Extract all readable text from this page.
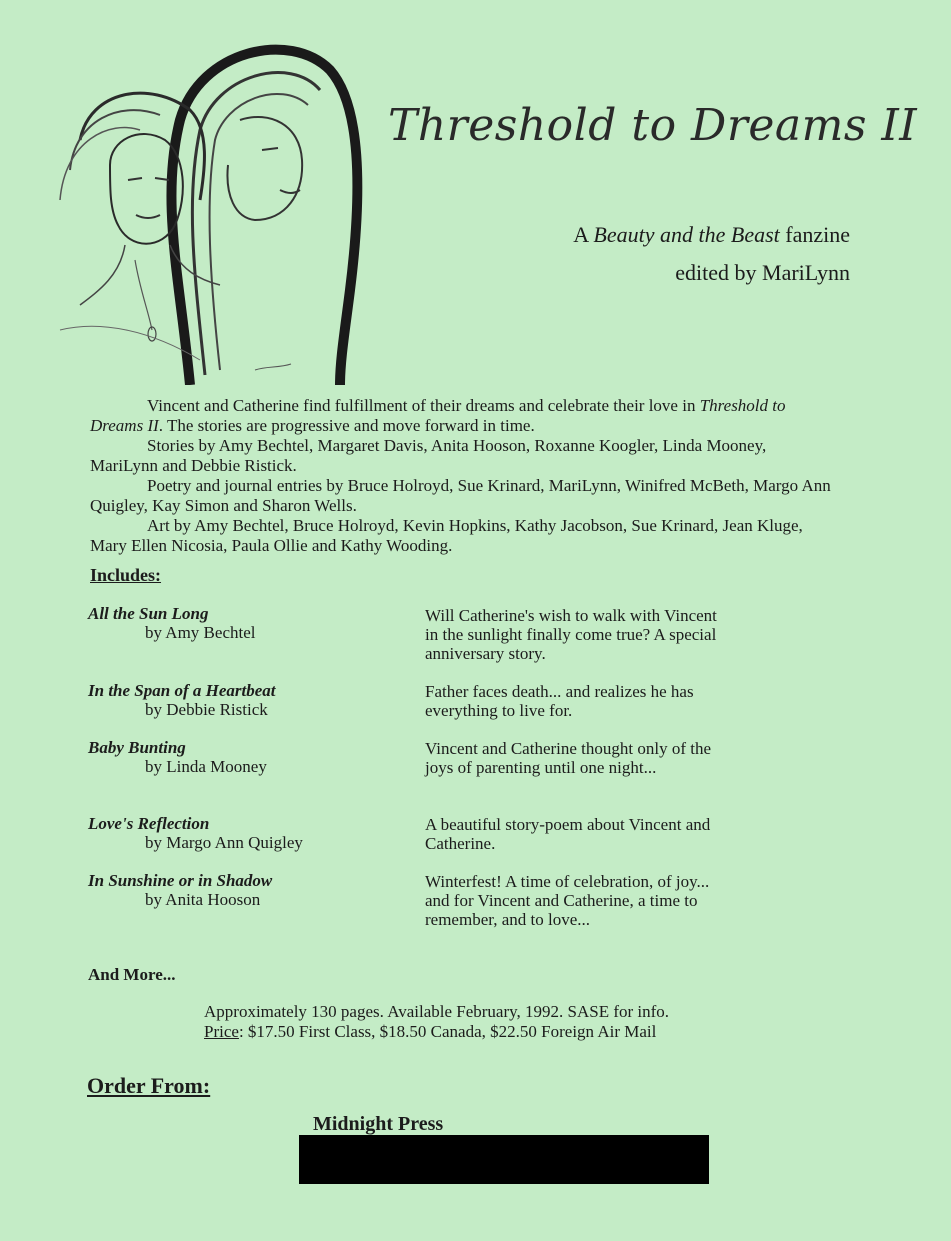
Threshold to Dreams II
A Beauty and the Beast fanzine
edited by MariLynn

Vincent and Catherine find fulfillment of their dreams and celebrate their love in Threshold to Dreams II. The stories are progressive and move forward in time.

Stories by Amy Bechtel, Margaret Davis, Anita Hooson, Roxanne Koogler, Linda Mooney, MariLynn and Debbie Ristick.

Poetry and journal entries by Bruce Holroyd, Sue Krinard, MariLynn, Winifred McBeth, Margo Ann Quigley, Kay Simon and Sharon Wells.

Art by Amy Bechtel, Bruce Holroyd, Kevin Hopkins, Kathy Jacobson, Sue Krinard, Jean Kluge, Mary Ellen Nicosia, Paula Ollie and Kathy Wooding.

Includes:
All the Sun Long
by Amy Bechtel
Will Catherine's wish to walk with Vincent in the sunlight finally come true? A special anniversary story.
In the Span of a Heartbeat
by Debbie Ristick
Father faces death... and realizes he has everything to live for.
Baby Bunting
by Linda Mooney
Vincent and Catherine thought only of the joys of parenting until one night...
Love's Reflection
by Margo Ann Quigley
A beautiful story-poem about Vincent and Catherine.
In Sunshine or in Shadow
by Anita Hooson
Winterfest! A time of celebration, of joy... and for Vincent and Catherine, a time to remember, and to love...
And More...
Approximately 130 pages. Available February, 1992. SASE for info.
Price: $17.50 First Class, $18.50 Canada, $22.50 Foreign Air Mail
Order From:
Midnight Press
